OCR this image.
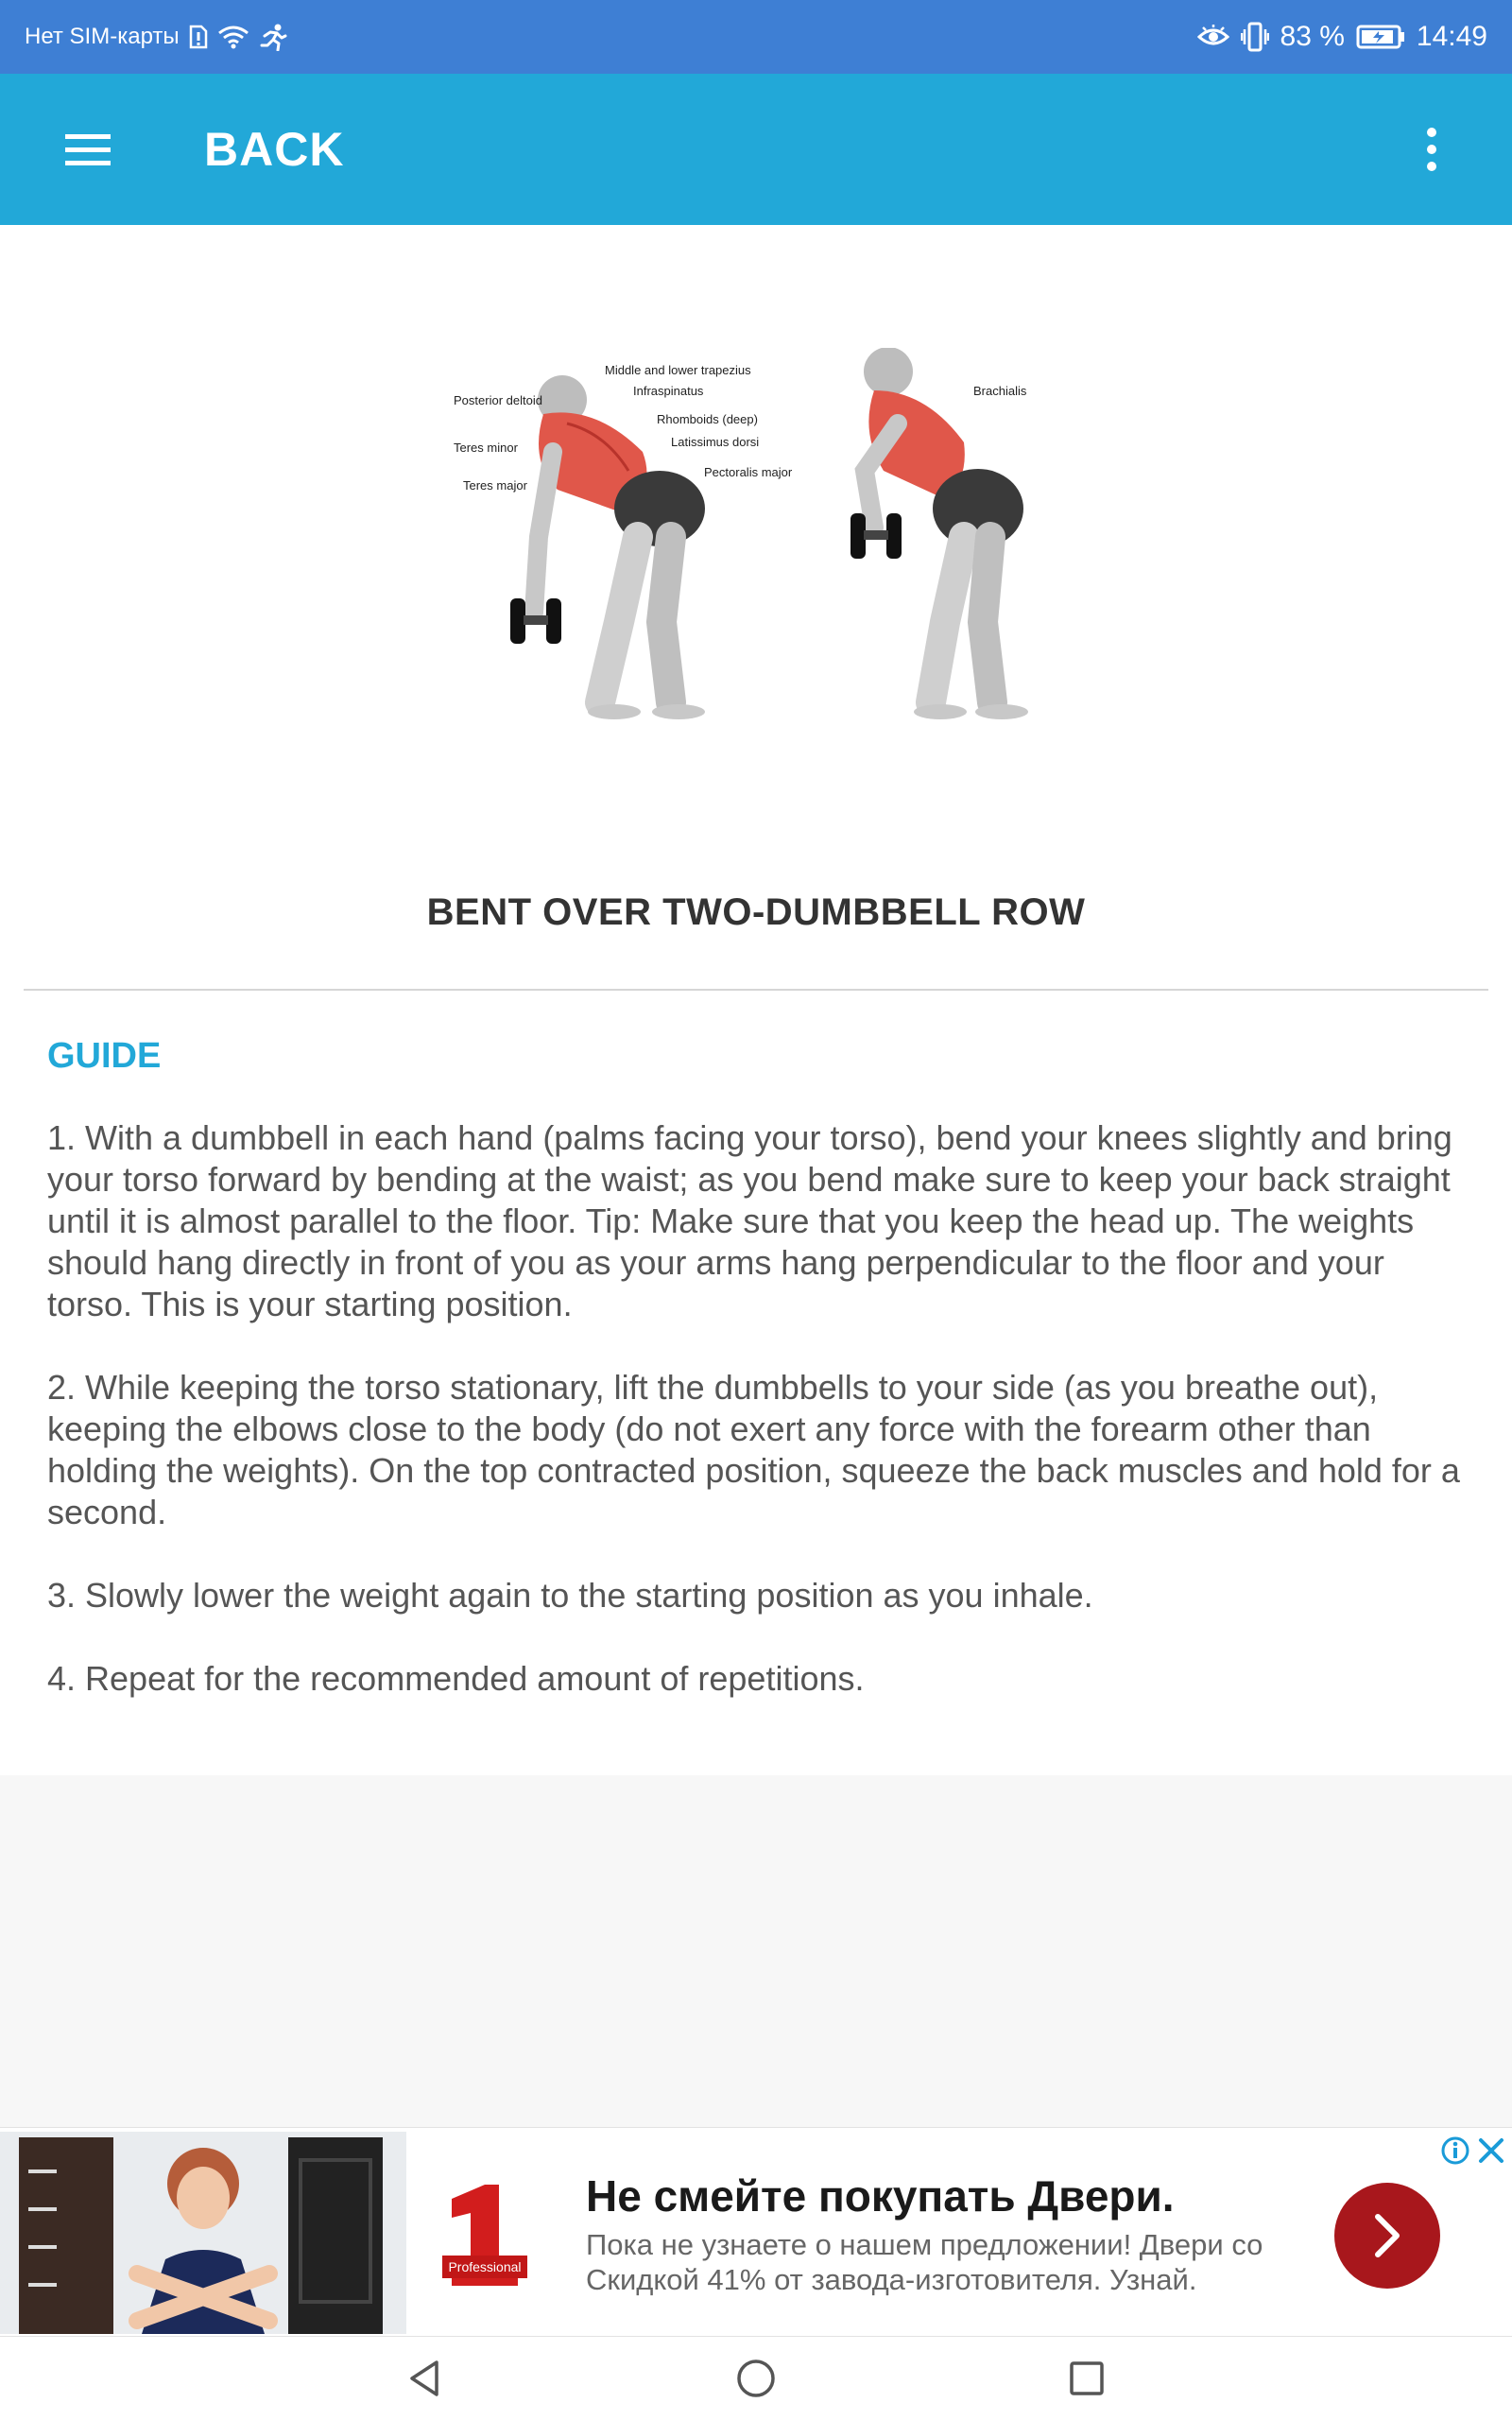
Нет SIM-карты	83 %	14:49
BACK
Middle and lower trapezius
Infraspinatus
Posterior deltoid
Rhomboids (deep)
Latissimus dorsi
Teres minor
Pectoralis major
Teres major
Brachialis
BENT OVER TWO-DUMBBELL ROW
GUIDE

1. With a dumbbell in each hand (palms facing your torso), bend your knees slightly and bring your torso forward by bending at the waist; as you bend make sure to keep your back straight until it is almost parallel to the floor. Tip: Make sure that you keep the head up. The weights should hang directly in front of you as your arms hang perpendicular to the floor and your torso. This is your starting position.

2. While keeping the torso stationary, lift the dumbbells to your side (as you breathe out), keeping the elbows close to the body (do not exert any force with the forearm other than holding the weights). On the top contracted position, squeeze the back muscles and hold for a second.

3. Slowly lower the weight again to the starting position as you inhale.

4. Repeat for the recommended amount of repetitions.

Professional
Не смейте покупать Двери.
Пока не узнаете о нашем предложении! Двери со Скидкой 41% от завода-изготовителя. Узнай.
